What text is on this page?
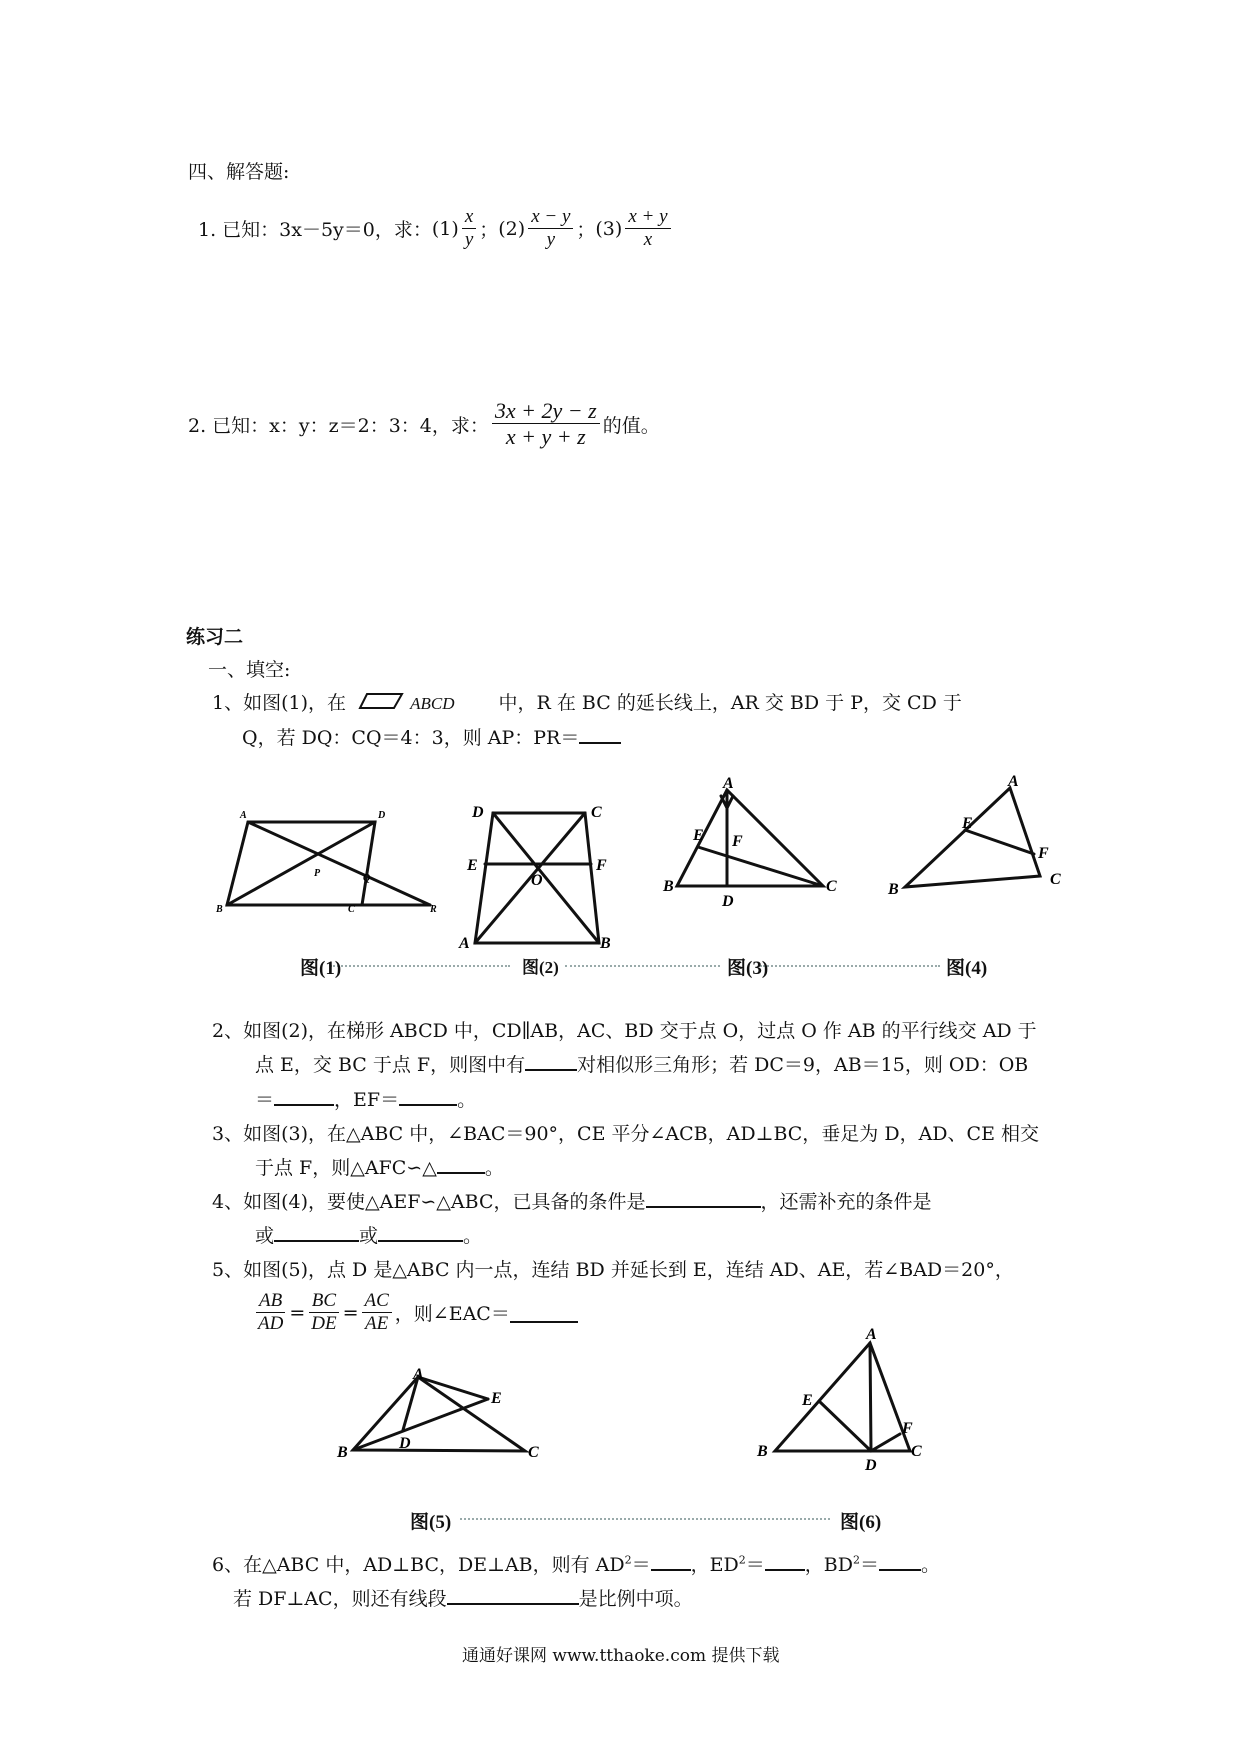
四、解答题:
1. 已知：3x－5y＝0，求： $(1) \frac{x}{y}$ ； $(2) \frac{x - y}{y}$ ； $(3) \frac{x + y}{x}$
2. 已知：x：y：z＝2：3：4，求： $\frac{3x + 2y - z}{x + y + z}$ 的值。
练习二
一、填空:
1、如图(1)，在	ABCD 中，R 在 BC 的延长线上，AR 交 BD 于 P，交 CD 于
Q，若 DQ：CQ＝4：3，则 AP：PR＝
A	D
B	C
P	Q
R
D	C
E	F
O
A	B
A
E F
B	C
D
A
E
F
B
C
图(1)	图(2)	图(3)	图(4)
2、如图(2)，在梯形 ABCD 中，CD∥AB，AC、BD 交于点 O，过点 O 作 AB 的平行线交 AD 于
点 E，交 BC 于点 F，则图中有	对相似形三角形；若 DC＝9，AB＝15，则 OD：OB
＝	，EF＝	。
3、如图(3)，在△ABC 中，∠BAC＝90°，CE 平分∠ACB，AD⊥BC，垂足为 D，AD、CE 相交
于点 F，则△AFC∽△	。
4、如图(4)，要使△AEF∽△ABC，已具备的条件是	，还需补充的条件是
或	或	。
5、如图(5)，点 D 是△ABC 内一点，连结 BD 并延长到 E，连结 AD、AE，若∠BAD＝20°，
$\frac{AB}{AD} = \frac{BC}{DE} = \frac{AC}{AE}$ ，则∠EAC＝
A
E
D
B	C
A
E
F
B	C
D
图(5)	图(6)
6、在△ABC 中，AD⊥BC，DE⊥AB，则有 $AD^2=$ ，$ED^2=$ ，$BD^2=$ 。
若 DF⊥AC，则还有线段	是比例中项。
通通好课网 www.tthaoke.com 提供下载
